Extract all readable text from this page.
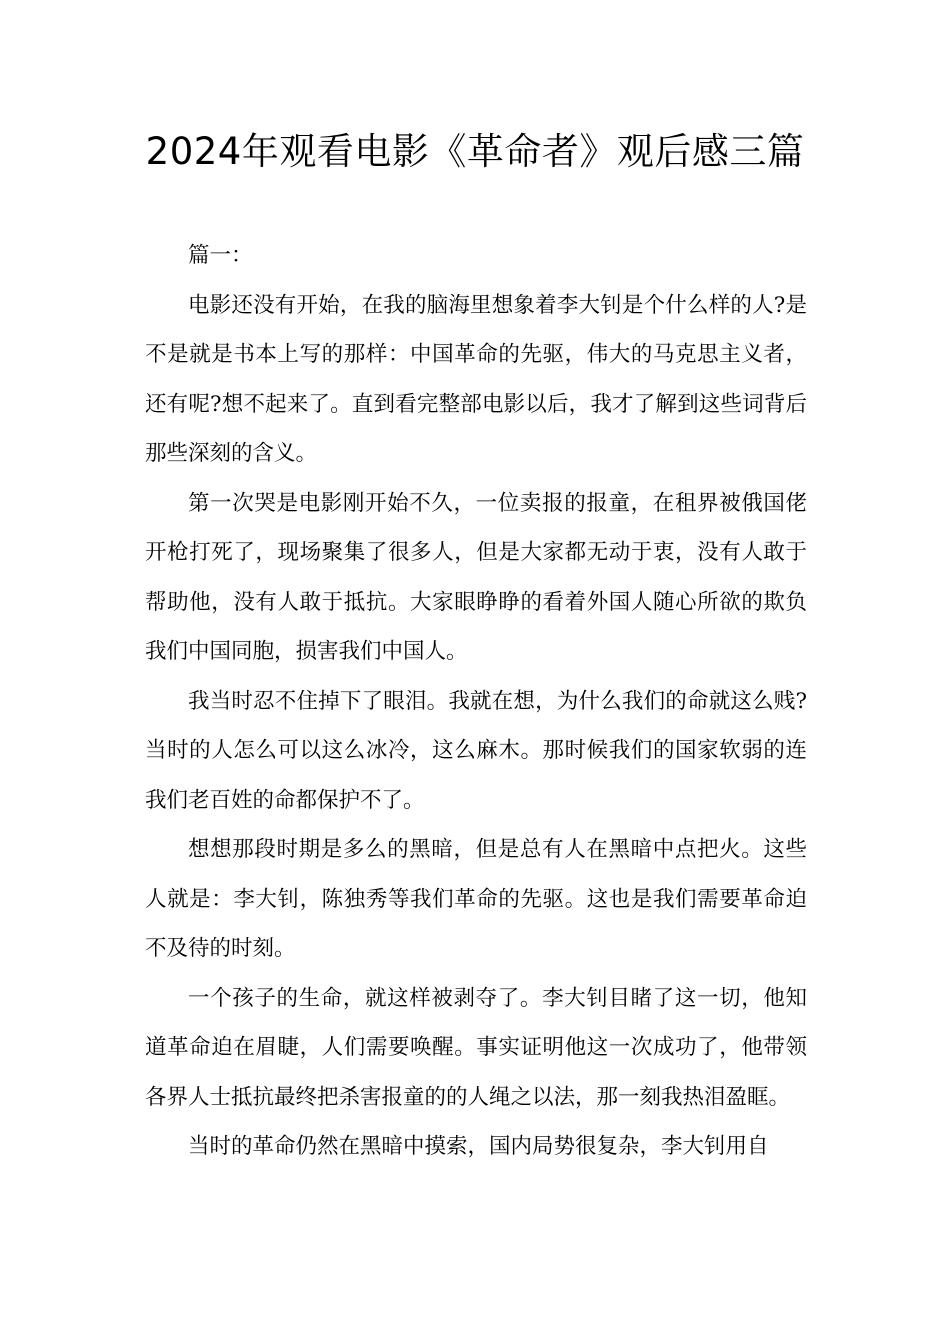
2024年观看电影《革命者》观后感三篇

篇一：

电影还没有开始，在我的脑海里想象着李大钊是个什么样的人?是不是就是书本上写的那样：中国革命的先驱，伟大的马克思主义者，还有呢?想不起来了。直到看完整部电影以后，我才了解到这些词背后那些深刻的含义。

第一次哭是电影刚开始不久，一位卖报的报童，在租界被俄国佬开枪打死了，现场聚集了很多人，但是大家都无动于衷，没有人敢于帮助他，没有人敢于抵抗。大家眼睁睁的看着外国人随心所欲的欺负我们中国同胞，损害我们中国人。

我当时忍不住掉下了眼泪。我就在想，为什么我们的命就这么贱?当时的人怎么可以这么冰冷，这么麻木。那时候我们的国家软弱的连我们老百姓的命都保护不了。

想想那段时期是多么的黑暗，但是总有人在黑暗中点把火。这些人就是：李大钊，陈独秀等我们革命的先驱。这也是我们需要革命迫不及待的时刻。

一个孩子的生命，就这样被剥夺了。李大钊目睹了这一切，他知道革命迫在眉睫，人们需要唤醒。事实证明他这一次成功了，他带领各界人士抵抗最终把杀害报童的的人绳之以法，那一刻我热泪盈眶。

当时的革命仍然在黑暗中摸索，国内局势很复杂，李大钊用自
